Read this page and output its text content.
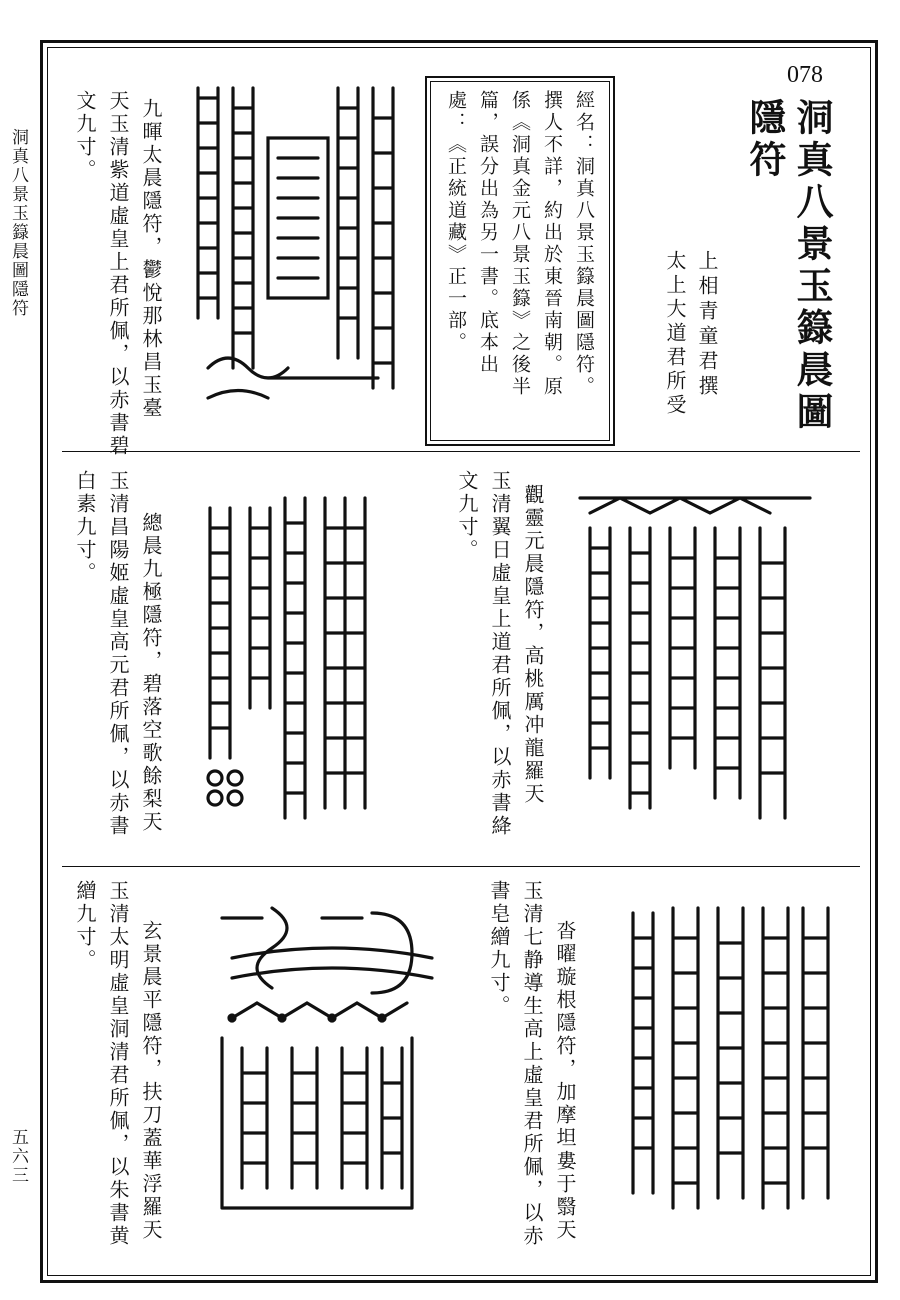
洞真八景玉籙晨圖隱符
五六三
078
洞真八景玉籙晨圖
隱符
上相青童君撰
太上大道君所受
經名：洞真八景玉籙晨圖隱符。
撰人不詳，約出於東晉南朝。原
係《洞真金元八景玉籙》之後半
篇，誤分出為另一書。底本出
處：《正統道藏》正一部。
九暉太晨隱符，鬱悅那林昌玉臺
天玉清紫道虛皇上君所佩，以赤書碧
文九寸。
觀靈元晨隱符，高桃厲冲龍羅天
玉清翼日虛皇上道君所佩，以赤書絳
文九寸。
總晨九極隱符，碧落空歌餘梨天
玉清昌陽姬虛皇高元君所佩，以赤書
白素九寸。
沓曜璇根隱符，加摩坦婁于翳天
玉清七静導生高上虛皇君所佩，以赤
書皂繒九寸。
玄景晨平隱符，扶刀蓋華浮羅天
玉清太明虛皇洞清君所佩，以朱書黄
繒九寸。
